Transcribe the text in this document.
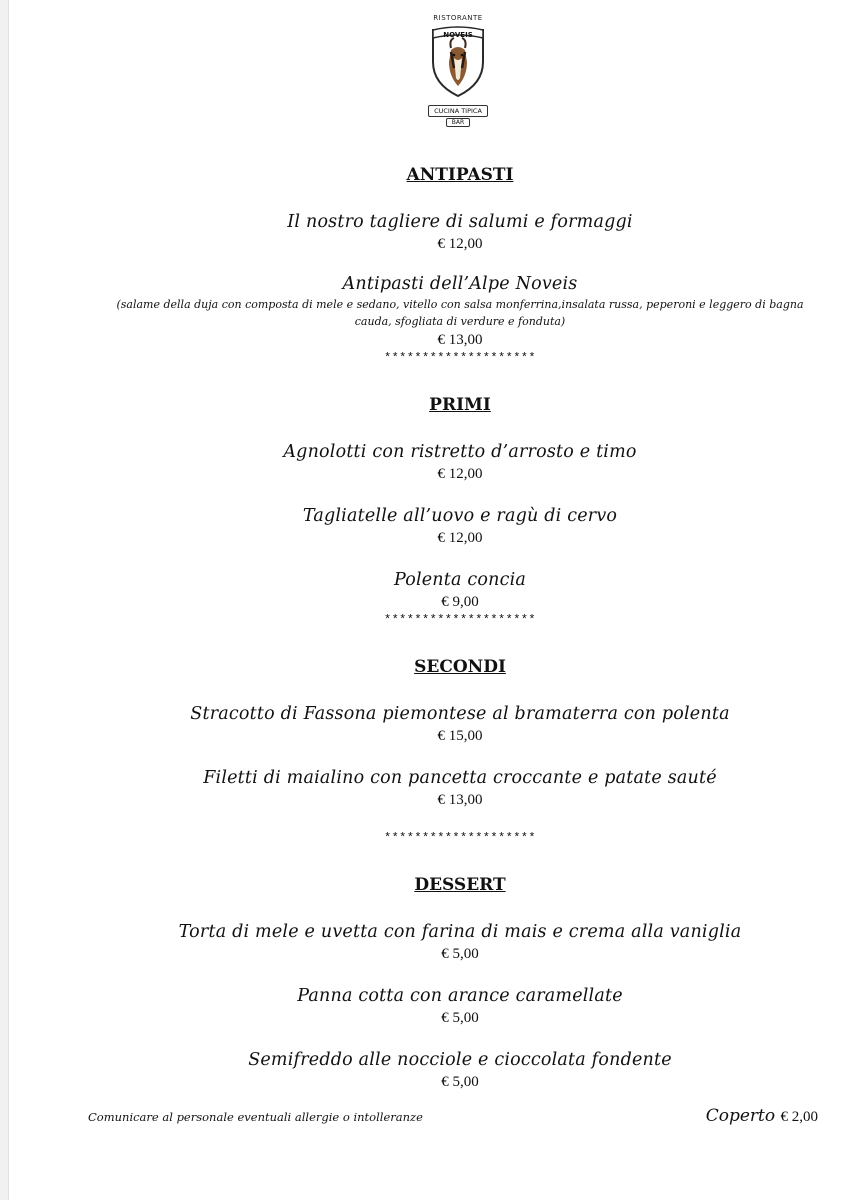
RISTORANTE
NOVEIS
CUCINA TIPICA
BAR
ANTIPASTI
Il nostro tagliere di salumi e formaggi
€ 12,00
Antipasti dell’Alpe Noveis
(salame della duja con composta di mele e sedano, vitello con salsa monferrina,insalata russa, peperoni e leggero di bagna cauda, sfogliata di verdure e fonduta)
€ 13,00
********************
PRIMI
Agnolotti con ristretto d’arrosto e timo
€ 12,00
Tagliatelle all’uovo e ragù di cervo
€ 12,00
Polenta concia
€ 9,00
********************
SECONDI
Stracotto di Fassona piemontese al bramaterra con polenta
€ 15,00
Filetti di maialino con pancetta croccante e patate sauté
€ 13,00
********************
DESSERT
Torta di mele e uvetta con farina di mais e crema alla vaniglia
€ 5,00
Panna cotta con arance caramellate
€ 5,00
Semifreddo alle nocciole e cioccolata fondente
€ 5,00
Comunicare al personale eventuali allergie o intolleranze	Coperto € 2,00
